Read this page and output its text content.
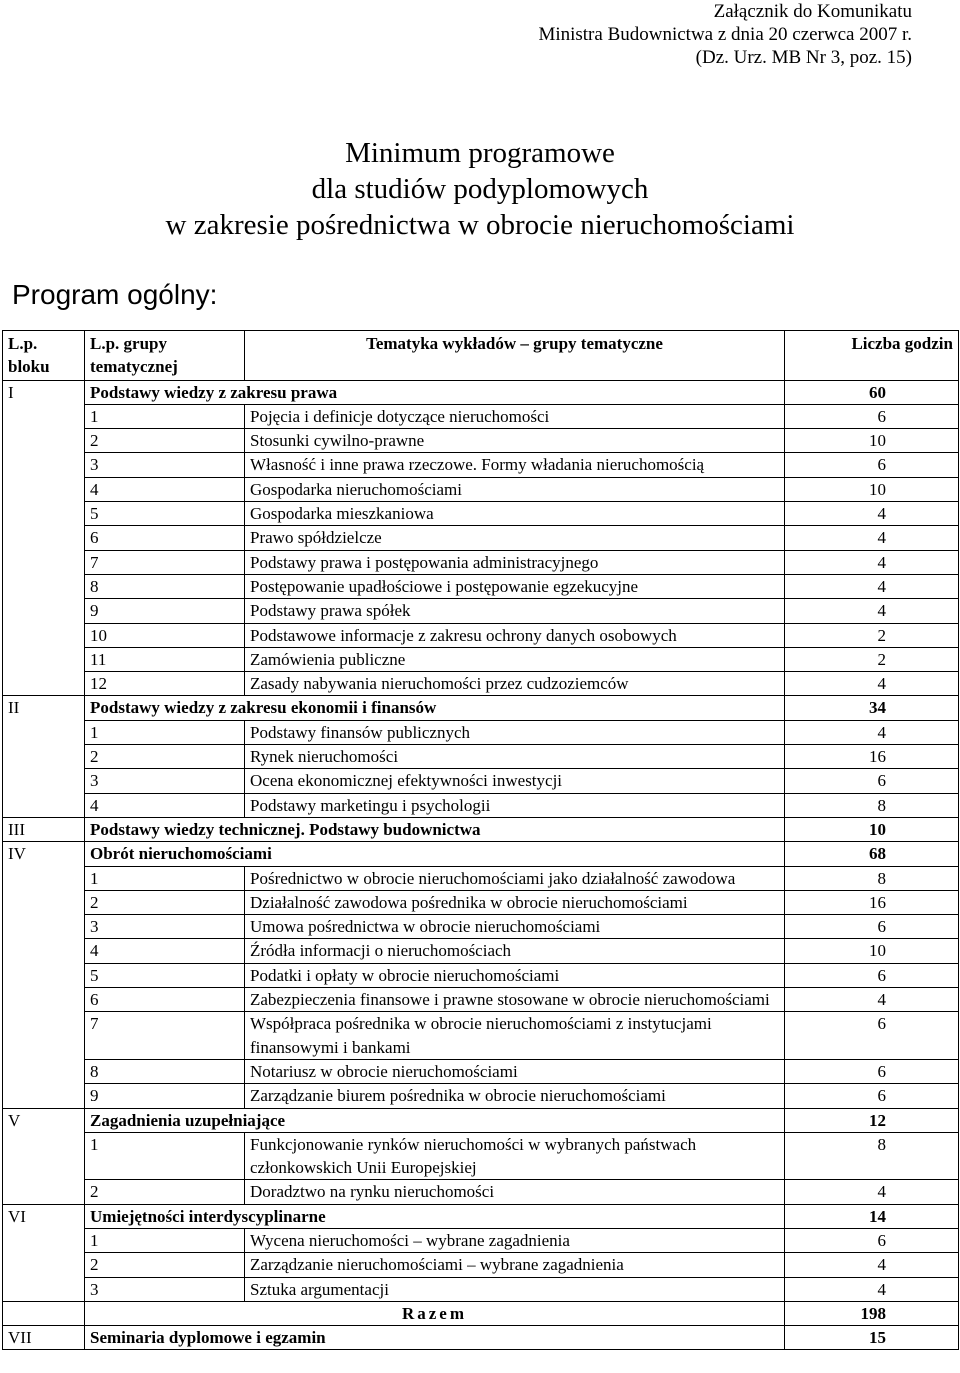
Załącznik do Komunikatu
Ministra Budownictwa z dnia 20 czerwca 2007 r.
(Dz. Urz. MB Nr 3, poz. 15)
Minimum programowe
dla studiów podyplomowych
w zakresie pośrednictwa w obrocie nieruchomościami
Program ogólny:
L.p. bloku	L.p. grupy tematycznej	Tematyka wykładów – grupy tematyczne	Liczba godzin
I	Podstawy wiedzy z zakresu prawa		60
	1	Pojęcia i definicje dotyczące nieruchomości	6
	2	Stosunki cywilno-prawne	10
	3	Własność i inne prawa rzeczowe. Formy władania nieruchomością	6
	4	Gospodarka nieruchomościami	10
	5	Gospodarka mieszkaniowa	4
	6	Prawo spółdzielcze	4
	7	Podstawy prawa i postępowania administracyjnego	4
	8	Postępowanie upadłościowe i postępowanie egzekucyjne	4
	9	Podstawy prawa spółek	4
	10	Podstawowe informacje z zakresu ochrony danych osobowych	2
	11	Zamówienia publiczne	2
	12	Zasady nabywania nieruchomości przez cudzoziemców	4
II	Podstawy wiedzy z zakresu ekonomii i finansów		34
	1	Podstawy finansów publicznych	4
	2	Rynek nieruchomości	16
	3	Ocena ekonomicznej efektywności inwestycji	6
	4	Podstawy marketingu i psychologii	8
III	Podstawy wiedzy technicznej. Podstawy budownictwa		10
IV	Obrót nieruchomościami		68
	1	Pośrednictwo w obrocie nieruchomościami jako działalność zawodowa	8
	2	Działalność zawodowa pośrednika w obrocie nieruchomościami	16
	3	Umowa pośrednictwa w obrocie nieruchomościami	6
	4	Źródła informacji o nieruchomościach	10
	5	Podatki i opłaty w obrocie nieruchomościami	6
	6	Zabezpieczenia finansowe i prawne stosowane w obrocie nieruchomościami	4
	7	Współpraca pośrednika w obrocie nieruchomościami z instytucjami finansowymi i bankami	6
	8	Notariusz w obrocie nieruchomościami	6
	9	Zarządzanie biurem pośrednika w obrocie nieruchomościami	6
V	Zagadnienia uzupełniające		12
	1	Funkcjonowanie rynków nieruchomości w wybranych państwach członkowskich Unii Europejskiej	8
	2	Doradztwo na rynku nieruchomości	4
VI	Umiejętności interdyscyplinarne		14
	1	Wycena nieruchomości – wybrane zagadnienia	6
	2	Zarządzanie nieruchomościami – wybrane zagadnienia	4
	3	Sztuka argumentacji	4
	Razem		198
VII	Seminaria dyplomowe i egzamin		15
